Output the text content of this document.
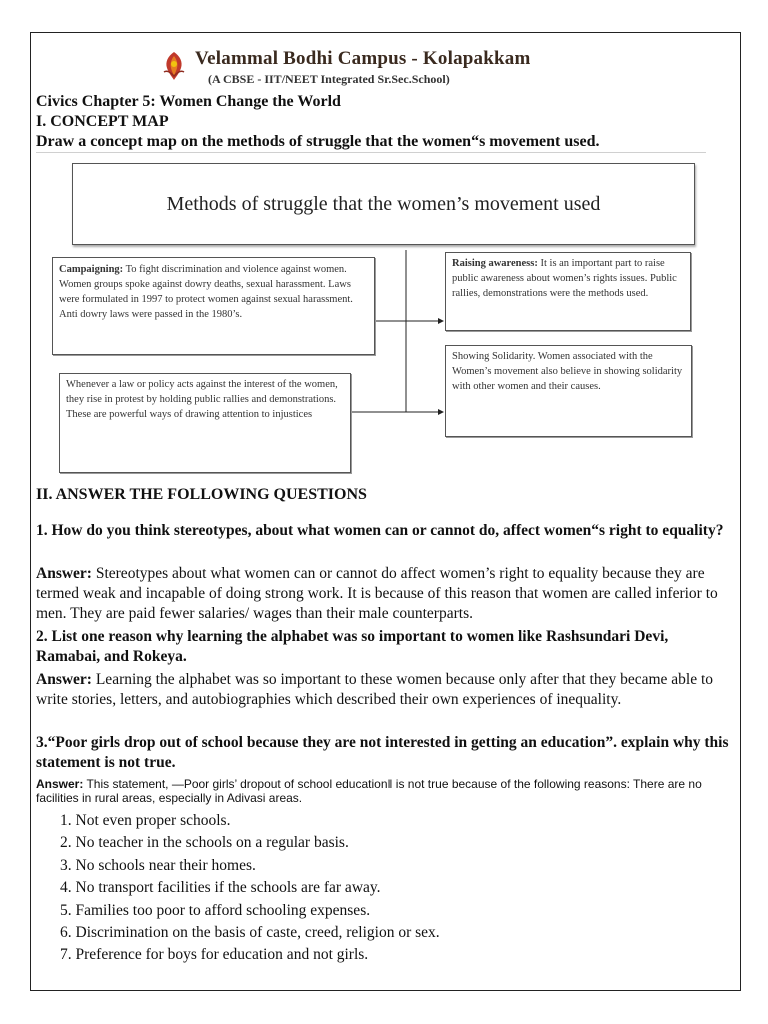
Velammal Bodhi Campus - Kolapakkam
(A CBSE - IIT/NEET Integrated Sr.Sec.School)
Civics Chapter 5: Women Change the World
I. CONCEPT MAP
Draw a concept map on the methods of struggle that the women“s movement used.
Methods of struggle that the women’s movement used
Campaigning: To fight discrimination and violence against women. Women groups spoke against dowry deaths, sexual harassment. Laws were formulated in 1997 to protect women against sexual harassment. Anti dowry laws were passed in the 1980’s.
Whenever a law or policy acts against the interest of the women, they rise in protest by holding public rallies and demonstrations. These are powerful ways of drawing attention to injustices
Raising awareness: It is an important part to raise public awareness about women’s rights issues. Public rallies, demonstrations were the methods used.
Showing Solidarity. Women associated with the Women’s movement also believe in showing solidarity with other women and their causes.
II. ANSWER THE FOLLOWING QUESTIONS
1. How do you think stereotypes, about what women can or cannot do, affect women“s right to equality?
Answer: Stereotypes about what women can or cannot do affect women’s right to equality because they are termed weak and incapable of doing strong work. It is because of this reason that women are called inferior to men. They are paid fewer salaries/ wages than their male counterparts.
2. List one reason why learning the alphabet was so important to women like Rashsundari Devi, Ramabai, and Rokeya.
Answer: Learning the alphabet was so important to these women because only after that they became able to write stories, letters, and autobiographies which described their own experiences of inequality.
3.“Poor girls drop out of school because they are not interested in getting an education”. explain why this statement is not true.
Answer: This statement, —Poor girls’ dropout of school education‖ is not true because of the following reasons: There are no facilities in rural areas, especially in Adivasi areas.
1. Not even proper schools.
2. No teacher in the schools on a regular basis.
3. No schools near their homes.
4. No transport facilities if the schools are far away.
5. Families too poor to afford schooling expenses.
6. Discrimination on the basis of caste, creed, religion or sex.
7. Preference for boys for education and not girls.
